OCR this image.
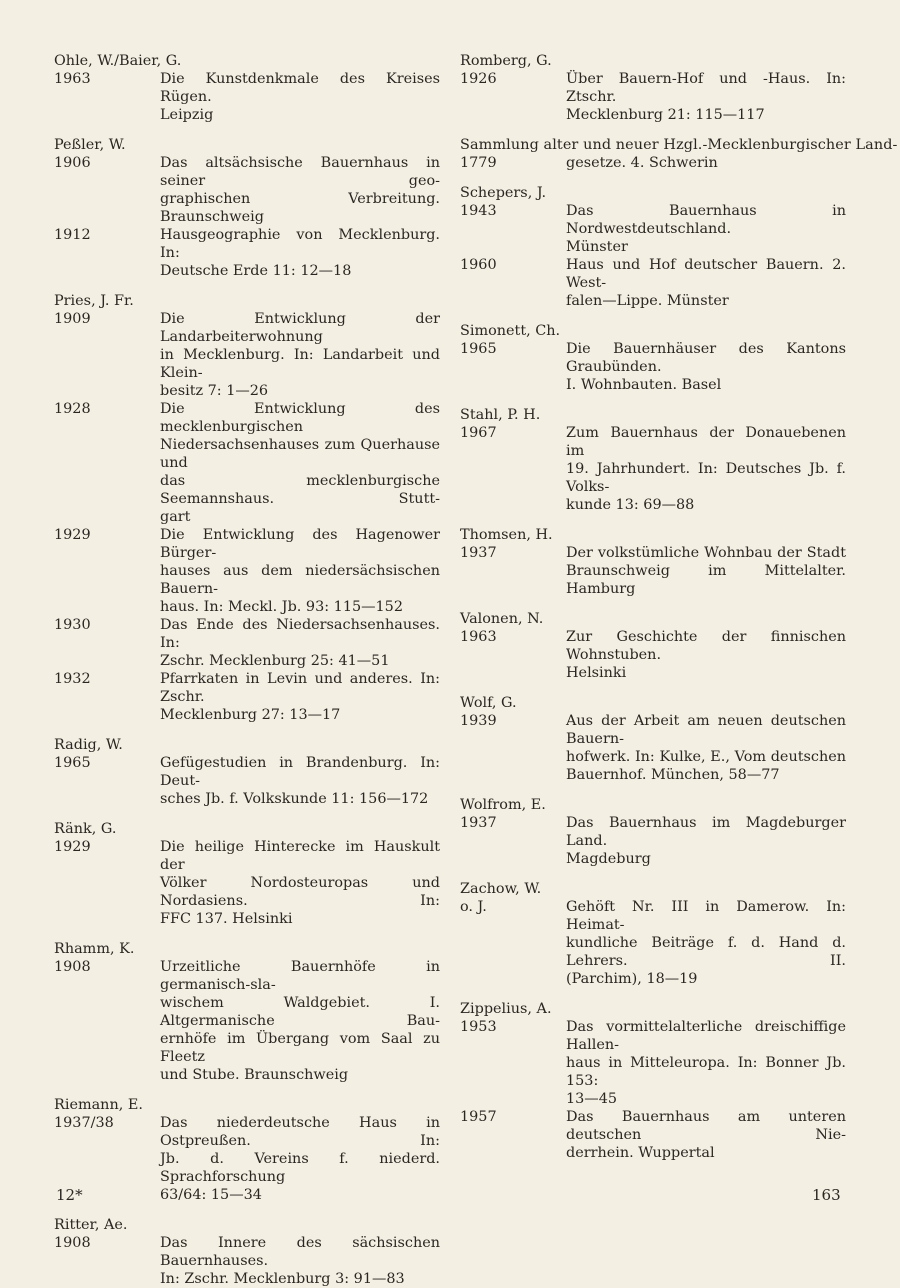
Ohle, W./Baier, G.
1963	Die Kunstdenkmale des Kreises Rügen.
Leipzig
Peßler, W.
1906	Das altsächsische Bauernhaus in seiner geo-
graphischen Verbreitung. Braunschweig
1912	Hausgeographie von Mecklenburg. In:
Deutsche Erde 11: 12—18
Pries, J. Fr.
1909	Die Entwicklung der Landarbeiterwohnung
in Mecklenburg. In: Landarbeit und Klein-
besitz 7: 1—26
1928	Die Entwicklung des mecklenburgischen
Niedersachsenhauses zum Querhause und
das mecklenburgische Seemannshaus. Stutt-
gart
1929	Die Entwicklung des Hagenower Bürger-
hauses aus dem niedersächsischen Bauern-
haus. In: Meckl. Jb. 93: 115—152
1930	Das Ende des Niedersachsenhauses. In:
Zschr. Mecklenburg 25: 41—51
1932	Pfarrkaten in Levin und anderes. In: Zschr.
Mecklenburg 27: 13—17
Radig, W.
1965	Gefügestudien in Brandenburg. In: Deut-
sches Jb. f. Volkskunde 11: 156—172
Ränk, G.
1929	Die heilige Hinterecke im Hauskult der
Völker Nordosteuropas und Nordasiens. In:
FFC 137. Helsinki
Rhamm, K.
1908	Urzeitliche Bauernhöfe in germanisch-sla-
wischem Waldgebiet. I. Altgermanische Bau-
ernhöfe im Übergang vom Saal zu Fleetz
und Stube. Braunschweig
Riemann, E.
1937/38	Das niederdeutsche Haus in Ostpreußen. In:
Jb. d. Vereins f. niederd. Sprachforschung
63/64: 15—34
Ritter, Ae.
1908	Das Innere des sächsischen Bauernhauses.
In: Zschr. Mecklenburg 3: 91—83
Romberg, G.
1926	Über Bauern-Hof und -Haus. In: Ztschr.
Mecklenburg 21: 115—117
Sammlung alter und neuer Hzgl.-Mecklenburgischer Land-
1779	gesetze. 4. Schwerin
Schepers, J.
1943	Das Bauernhaus in Nordwestdeutschland.
Münster
1960	Haus und Hof deutscher Bauern. 2. West-
falen—Lippe. Münster
Simonett, Ch.
1965	Die Bauernhäuser des Kantons Graubünden.
I. Wohnbauten. Basel
Stahl, P. H.
1967	Zum Bauernhaus der Donauebenen im
19. Jahrhundert. In: Deutsches Jb. f. Volks-
kunde 13: 69—88
Thomsen, H.
1937	Der volkstümliche Wohnbau der Stadt
Braunschweig im Mittelalter. Hamburg
Valonen, N.
1963	Zur Geschichte der finnischen Wohnstuben.
Helsinki
Wolf, G.
1939	Aus der Arbeit am neuen deutschen Bauern-
hofwerk. In: Kulke, E., Vom deutschen
Bauernhof. München, 58—77
Wolfrom, E.
1937	Das Bauernhaus im Magdeburger Land.
Magdeburg
Zachow, W.
o. J.	Gehöft Nr. III in Damerow. In: Heimat-
kundliche Beiträge f. d. Hand d. Lehrers. II.
(Parchim), 18—19
Zippelius, A.
1953	Das vormittelalterliche dreischiffige Hallen-
haus in Mitteleuropa. In: Bonner Jb. 153:
13—45
1957	Das Bauernhaus am unteren deutschen Nie-
derrhein. Wuppertal
12*	163
